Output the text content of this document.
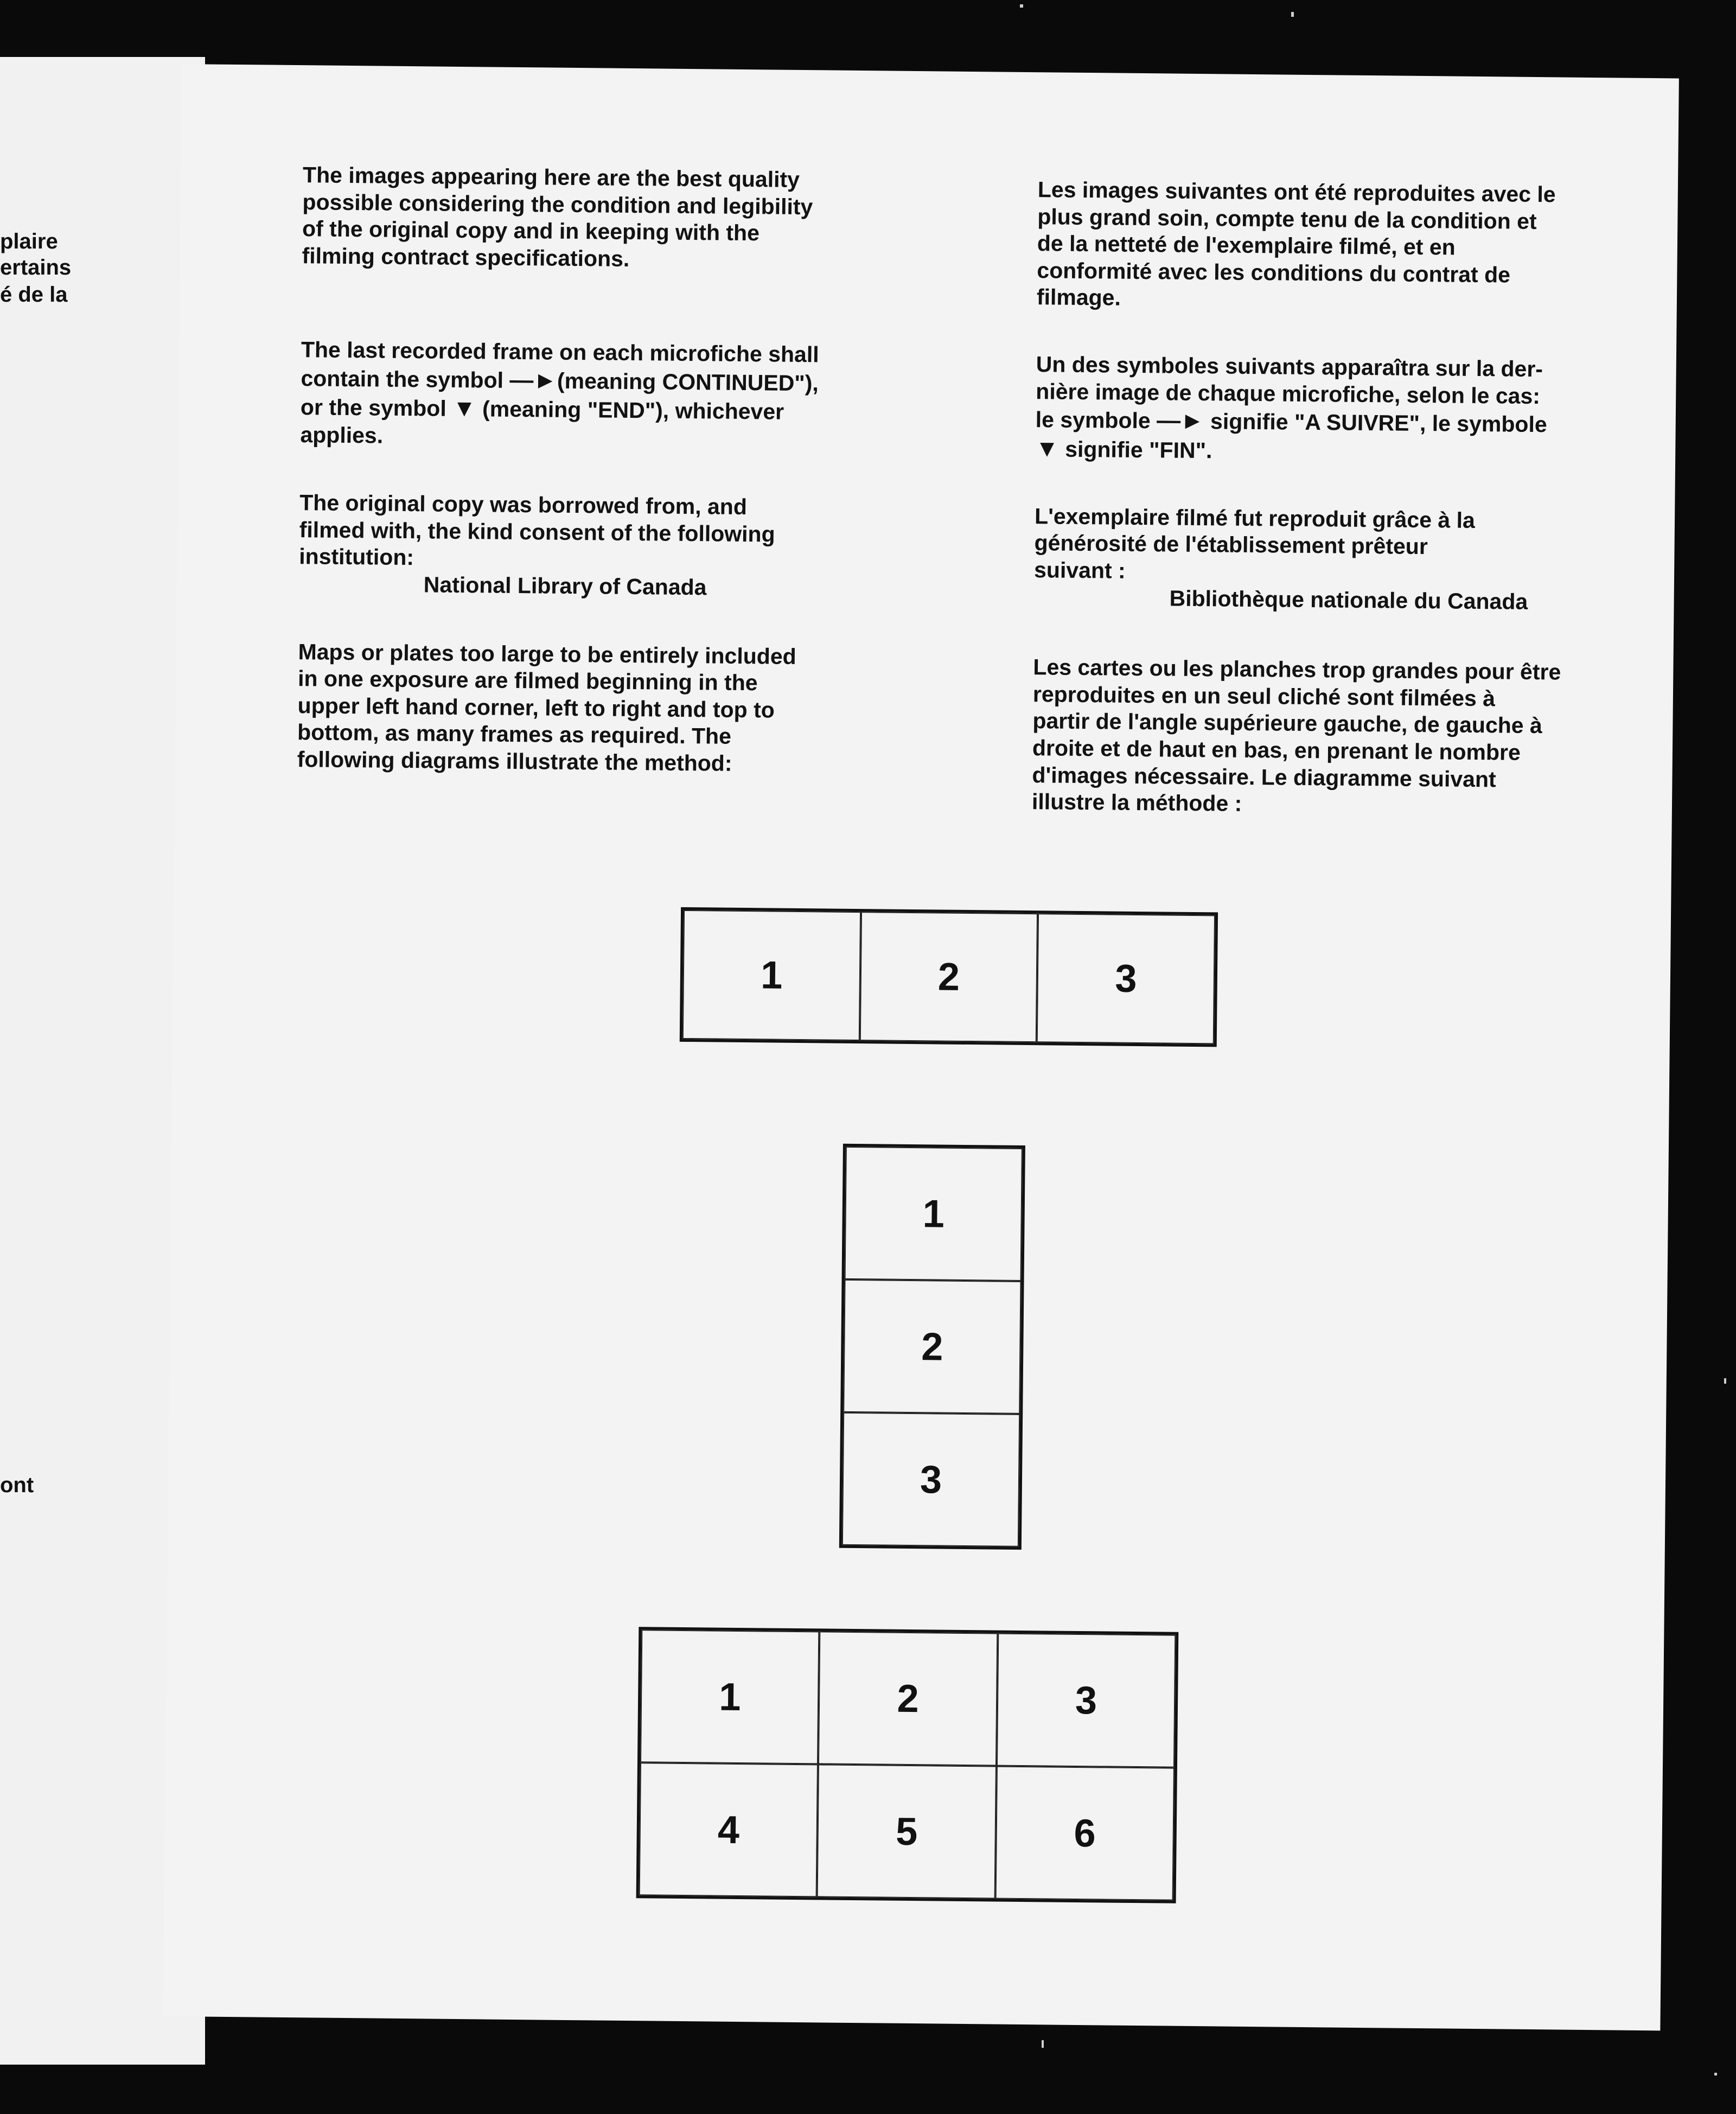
plaire
ertains
é de la
ont

The images appearing here are the best quality

possible considering the condition and legibility

of the original copy and in keeping with the

filming contract specifications.

The last recorded frame on each microfiche shall

contain the symbol —►(meaning CONTINUED"),

or the symbol ▼ (meaning "END"), whichever

applies.

The original copy was borrowed from, and

filmed with, the kind consent of the following

institution:

National Library of Canada

Maps or plates too large to be entirely included

in one exposure are filmed beginning in the

upper left hand corner, left to right and top to

bottom, as many frames as required. The

following diagrams illustrate the method:

Les images suivantes ont été reproduites avec le

plus grand soin, compte tenu de la condition et

de la netteté de l'exemplaire filmé, et en

conformité avec les conditions du contrat de

filmage.

Un des symboles suivants apparaîtra sur la der-

nière image de chaque microfiche, selon le cas:

le symbole —► signifie "A SUIVRE", le symbole

▼ signifie "FIN".

L'exemplaire filmé fut reproduit grâce à la

générosité de l'établissement prêteur

suivant :

Bibliothèque nationale du Canada

Les cartes ou les planches trop grandes pour être

reproduites en un seul cliché sont filmées à

partir de l'angle supérieure gauche, de gauche à

droite et de haut en bas, en prenant le nombre

d'images nécessaire. Le diagramme suivant

illustre la méthode :

1	2	3
1
2
3
1	2	3
4	5	6
